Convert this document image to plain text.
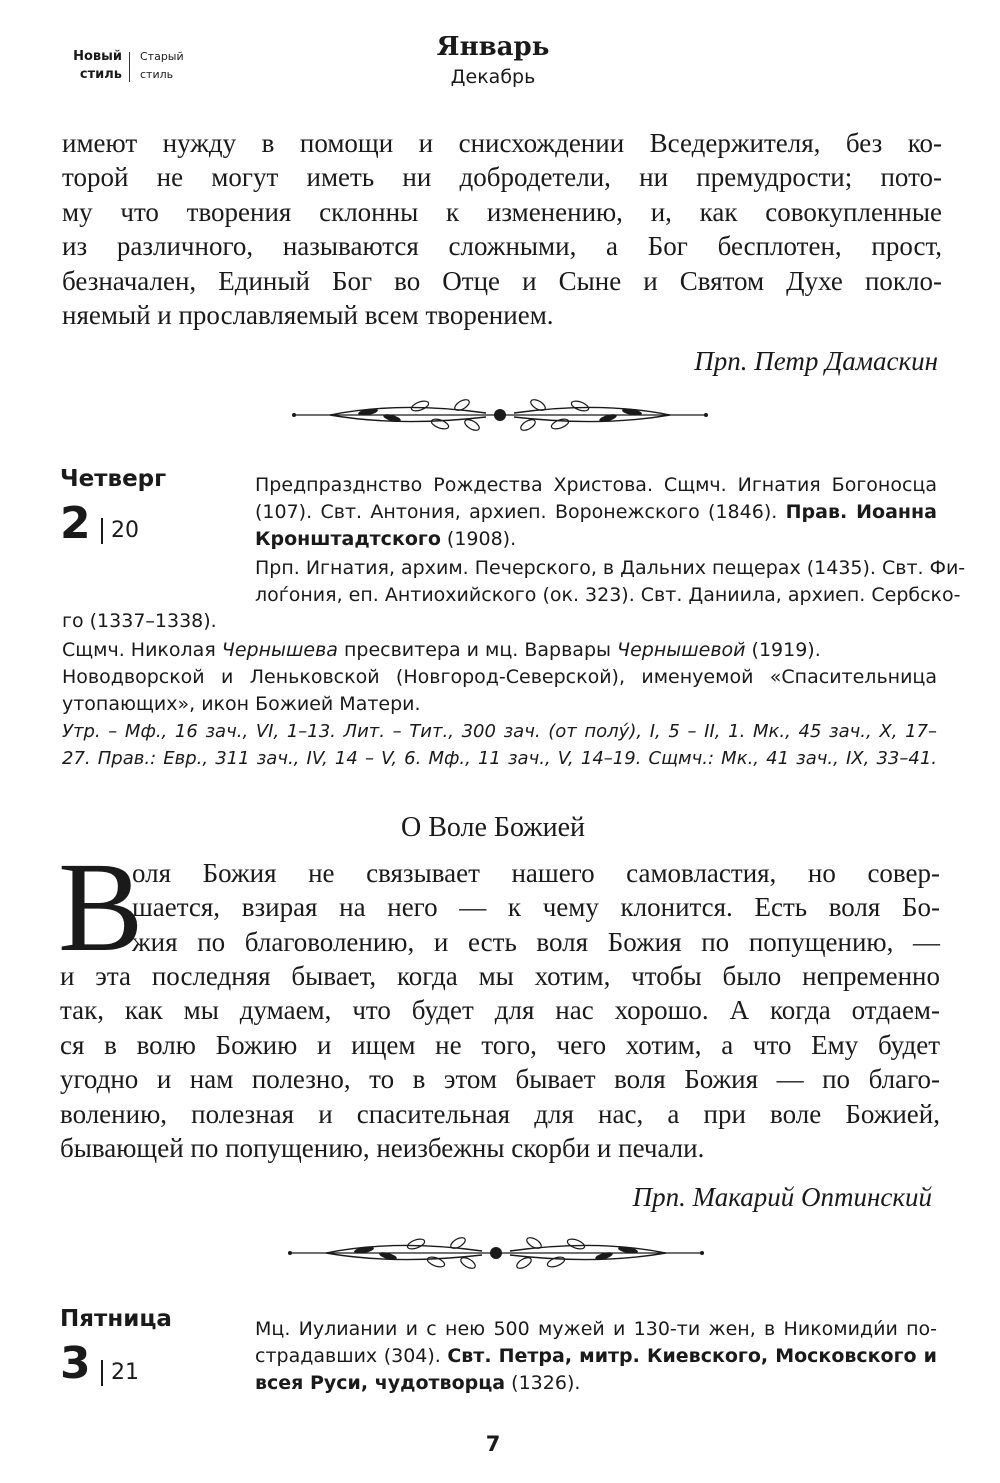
Новый
стиль
Старый
стиль
Январь
Декабрь
имеют нужду в помощи и снисхождении Вседержителя, без ко-
торой не могут иметь ни добродетели, ни премудрости; пото-
му что творения склонны к изменению, и, как совокупленные
из различного, называются сложными, а Бог бесплотен, прост,
безначален, Единый Бог во Отце и Сыне и Святом Духе покло-
няемый и прославляемый всем творением.
Прп. Петр Дамаскин
Четверг
2 20
Предпразднство Рождества Христова. Сщмч. Игнатия Богоносца
(107). Свт. Антония, архиеп. Воронежского (1846). Прав. Иоанна
Кронштадтского (1908).
Прп. Игнатия, архим. Печерского, в Дальних пещерах (1435). Свт. Фи-
лоѓония, еп. Антиохийского (ок. 323). Свт. Даниила, архиеп. Сербско-
го (1337–1338).
Сщмч. Николая Чернышева пресвитера и мц. Варвары Чернышевой (1919).
Новодворской и Леньковской (Новгород-Северской), именуемой «Спасительница
утопающих», икон Божией Матери.
Утр. – Мф., 16 зач., VI, 1–13. Лит. – Тит., 300 зач. (от полу́), I, 5 – II, 1. Мк., 45 зач., Х, 17–
27. Прав.: Евр., 311 зач., IV, 14 – V, 6. Мф., 11 зач., V, 14–19. Сщмч.: Мк., 41 зач., IX, 33–41.
О Воле Божией
В
оля Божия не связывает нашего самовластия, но совер-
шается, взирая на него — к чему клонится. Есть воля Бо-
жия по благоволению, и есть воля Божия по попущению, —
и эта последняя бывает, когда мы хотим, чтобы было непременно
так, как мы думаем, что будет для нас хорошо. А когда отдаем-
ся в волю Божию и ищем не того, чего хотим, а что Ему будет
угодно и нам полезно, то в этом бывает воля Божия — по благо-
волению, полезная и спасительная для нас, а при воле Божией,
бывающей по попущению, неизбежны скорби и печали.
Прп. Макарий Оптинский
Пятница
3 21
Мц. Иулиании и с нею 500 мужей и 130-ти жен, в Никомиди́и по-
страдавших (304). Свт. Петра, митр. Киевского, Московского и
всея Руси, чудотворца (1326).
7
